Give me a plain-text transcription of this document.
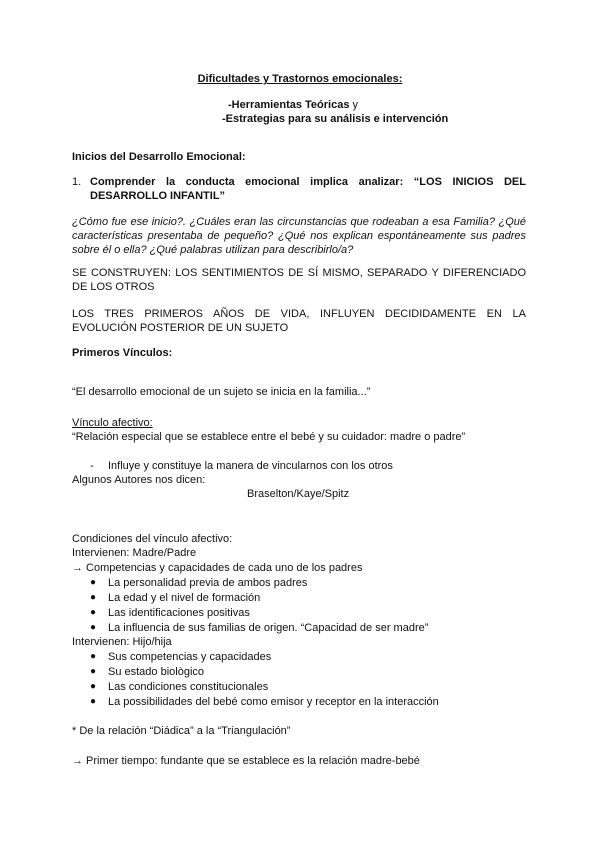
Dificultades y Trastornos emocionales:
-Herramientas Teóricas y
-Estrategias para su análisis e intervención
Inicios del Desarrollo Emocional:
1. Comprender la conducta emocional implica analizar: “LOS INICIOS DEL
DESARROLLO INFANTIL”
¿Cómo fue ese inicio?. ¿Cuáles eran las circunstancias que rodeaban a esa Familia? ¿Qué
características presentaba de pequeño? ¿Qué nos explican espontáneamente sus padres
sobre él o ella? ¿Qué palabras utilizan para describirlo/a?
SE CONSTRUYEN: LOS SENTIMIENTOS DE SÍ MISMO, SEPARADO Y DIFERENCIADO
DE LOS OTROS
LOS TRES PRIMEROS AÑOS DE VIDA, INFLUYEN DECIDIDAMENTE EN LA
EVOLUCIÓN POSTERIOR DE UN SUJETO
Primeros Vínculos:
“El desarrollo emocional de un sujeto se inicia en la familia...”
Vínculo afectivo:
“Relación especial que se establece entre el bebé y su cuidador: madre o padre”
- Influye y constituye la manera de vincularnos con los otros
Algunos Autores nos dicen:
Braselton/Kaye/Spitz
Condiciones del vínculo afectivo:
Intervienen: Madre/Padre
→ Competencias y capacidades de cada uno de los padres
● La personalidad previa de ambos padres
● La edad y el nivel de formación
● Las identificaciones positivas
● La influencia de sus familias de origen. “Capacidad de ser madre”
Intervienen: Hijo/hija
● Sus competencias y capacidades
● Su estado biològico
● Las condiciones constitucionales
● La possibilidades del bebé como emisor y receptor en la interacción
* De la relación “Diádica” a la “Triangulación”
→ Primer tiempo: fundante que se establece es la relación madre-bebé
